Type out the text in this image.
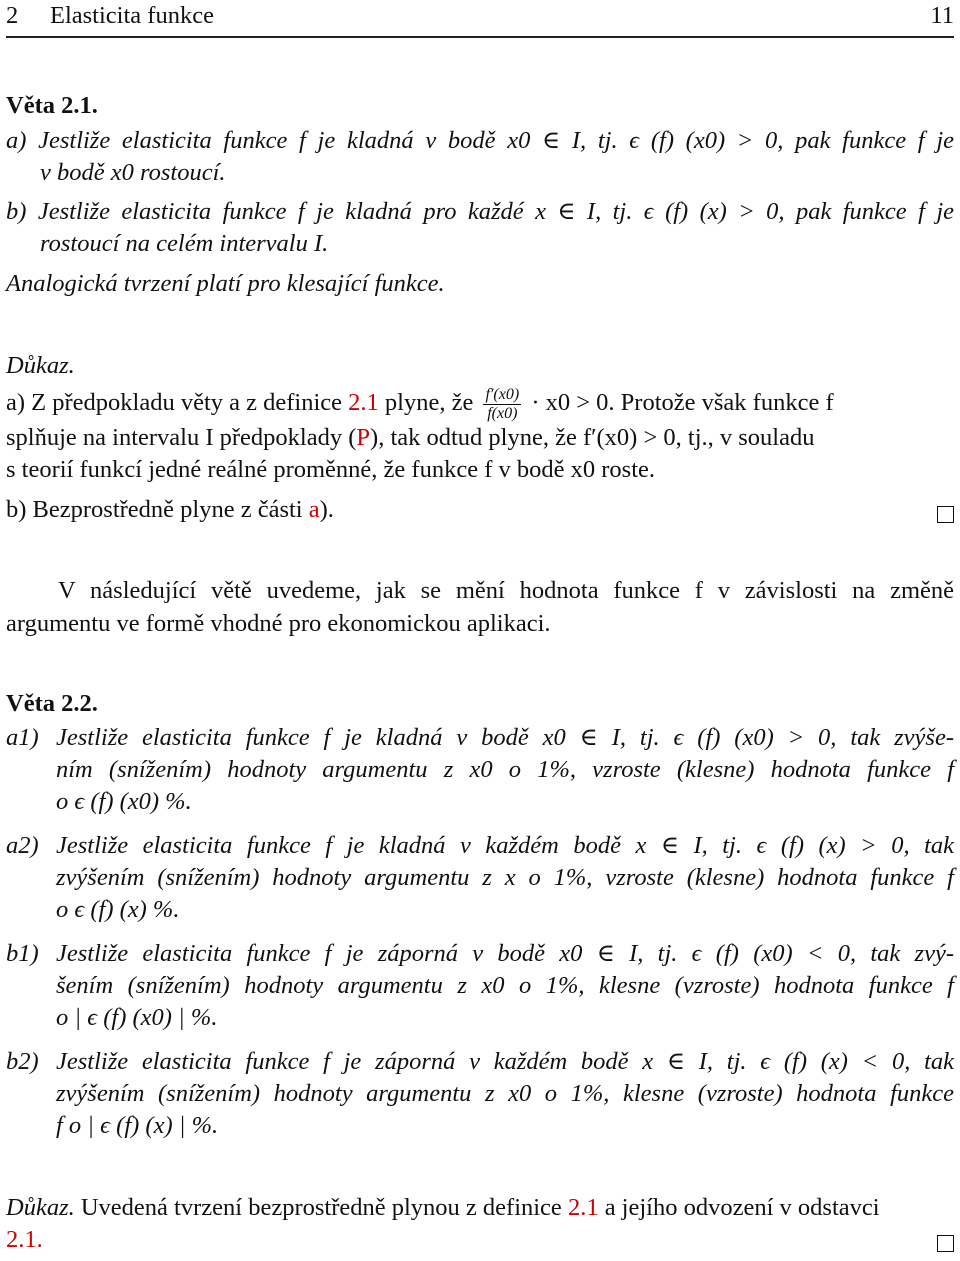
2 Elasticita funkce	11
Věta 2.1.
a) Jestliže elasticita funkce f je kladná v bodě x0 ∈ I, tj. ϵ (f) (x0) > 0, pak funkce f je
v bodě x0 rostoucí.
b) Jestliže elasticita funkce f je kladná pro každé x ∈ I, tj. ϵ (f) (x) > 0, pak funkce f je
rostoucí na celém intervalu I.
Analogická tvrzení platí pro klesající funkce.
Důkaz.
a) Z předpokladu věty a z definice 2.1 plyne, že $\frac{f'(x0)}{f(x0)} \cdot x0 > 0$. Protože však funkce f
splňuje na intervalu I předpoklady (P), tak odtud plyne, že f′(x0) > 0, tj., v souladu
s teorií funkcí jedné reálné proměnné, že funkce f v bodě x0 roste.
b) Bezprostředně plyne z části a).
V následující větě uvedeme, jak se mění hodnota funkce f v závislosti na změně
argumentu ve formě vhodné pro ekonomickou aplikaci.
Věta 2.2.
a1) Jestliže elasticita funkce f je kladná v bodě x0 ∈ I, tj. ϵ (f) (x0) > 0, tak zvýše-
ním (snížením) hodnoty argumentu z x0 o 1%, vzroste (klesne) hodnota funkce f
o ϵ (f) (x0) %.
a2) Jestliže elasticita funkce f je kladná v každém bodě x ∈ I, tj. ϵ (f) (x) > 0, tak
zvýšením (snížením) hodnoty argumentu z x o 1%, vzroste (klesne) hodnota funkce f
o ϵ (f) (x) %.
b1) Jestliže elasticita funkce f je záporná v bodě x0 ∈ I, tj. ϵ (f) (x0) < 0, tak zvý-
šením (snížením) hodnoty argumentu z x0 o 1%, klesne (vzroste) hodnota funkce f
o | ϵ (f) (x0) | %.
b2) Jestliže elasticita funkce f je záporná v každém bodě x ∈ I, tj. ϵ (f) (x) < 0, tak
zvýšením (snížením) hodnoty argumentu z x0 o 1%, klesne (vzroste) hodnota funkce
f o | ϵ (f) (x) | %.
Důkaz. Uvedená tvrzení bezprostředně plynou z definice 2.1 a jejího odvození v odstavci
2.1.
